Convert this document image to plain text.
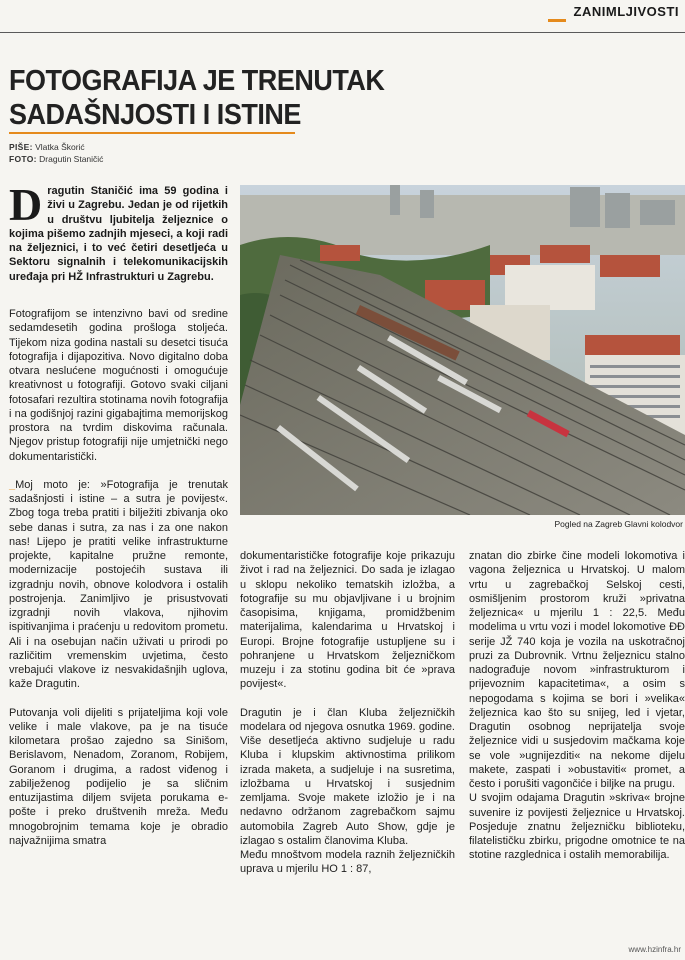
ZANIMLJIVOSTI
FOTOGRAFIJA JE TRENUTAK
SADAŠNJOSTI I ISTINE
PIŠE: Vlatka Škorić
FOTO: Dragutin Staničić
Dragutin Staničić ima 59 godina i živi u Zagrebu. Jedan je od rijetkih u društvu ljubitelja željeznice o kojima pišemo zadnjih mjeseci, a koji radi na željeznici, i to već četiri desetljeća u Sektoru signalnih i telekomunikacijskih uređaja pri HŽ Infrastrukturi u Zagrebu.

Fotografijom se intenzivno bavi od sredine sedamdesetih godina prošloga stoljeća. Tijekom niza godina nastali su desetci tisuća fotografija i dijapozitiva. Novo digitalno doba otvara neslućene mogućnosti i omogućuje kreativnost u fotografiji. Gotovo svaki ciljani fotosafari rezultira stotinama novih fotografija i na godišnjoj razini gigabajtima memorijskog prostora na tvrdim diskovima računala. Njegov pristup fotografiji nije umjetnički nego dokumentaristički.

_Moj moto je: »Fotografija je trenutak sadašnjosti i istine – a sutra je povijest«. Zbog toga treba pratiti i bilježiti zbivanja oko sebe danas i sutra, za nas i za one nakon nas! Lijepo je pratiti velike infrastrukturne projekte, kapitalne pružne remonte, modernizacije postojećih sustava ili izgradnju novih, obnove kolodvora i ostalih postrojenja. Zanimljivo je prisustvovati izgradnji novih vlakova, njihovim ispitivanjima i praćenju u redovitom prometu. Ali i na osebujan način uživati u prirodi po različitim vremenskim uvjetima, često vrebajući vlakove iz nesvakidašnjih uglova, kaže Dragutin.

Putovanja voli dijeliti s prijateljima koji vole velike i male vlakove, pa je na tisuće kilometara prošao zajedno sa Sinišom, Berislavom, Nenadom, Zoranom, Robijem, Goranom i drugima, a radost viđenog i zabilježenog podijelio je sa sličnim entuzijastima diljem svijeta porukama e-pošte i preko društvenih mreža. Među mnogobrojnim temama koje je obradio najvažnijima smatra

Pogled na Zagreb Glavni kolodvor

dokumentarističke fotografije koje prikazuju život i rad na željeznici. Do sada je izlagao u sklopu nekoliko tematskih izložba, a fotografije su mu objavljivane i u brojnim časopisima, knjigama, promidžbenim materijalima, kalendarima u Hrvatskoj i Europi. Brojne fotografije ustupljene su i pohranjene u Hrvatskom željezničkom muzeju i za stotinu godina bit će »prava povijest«.

Dragutin je i član Kluba željezničkih modelara od njegova osnutka 1969. godine. Više desetljeća aktivno sudjeluje u radu Kluba i klupskim aktivnostima prilikom izrada maketa, a sudjeluje i na susretima, izložbama u Hrvatskoj i susjednim zemljama. Svoje makete izložio je i na nedavno održanom zagrebačkom sajmu automobila Zagreb Auto Show, gdje je izlagao s ostalim članovima Kluba.

Među mnoštvom modela raznih željezničkih uprava u mjerilu HO 1 : 87,

znatan dio zbirke čine modeli lokomotiva i vagona željeznica u Hrvatskoj. U malom vrtu u zagrebačkoj Selskoj cesti, osmišljenim prostorom kruži »privatna željeznica« u mjerilu 1 : 22,5. Među modelima u vrtu vozi i model lokomotive ĐĐ serije JŽ 740 koja je vozila na uskotračnoj pruzi za Dubrovnik. Vrtnu željeznicu stalno nadograđuje novom »infrastrukturom i prijevoznim kapacitetima«, a osim s nepogodama s kojima se bori i »velika« željeznica kao što su snijeg, led i vjetar, Dragutin osobnog neprijatelja svoje željeznice vidi u susjedovim mačkama koje se vole »ugnijezditi« na nekome dijelu makete, zaspati i »obustaviti« promet, a često i porušiti vagončiće i biljke na prugu.

U svojim odajama Dragutin »skriva« brojne suvenire iz povijesti željeznice u Hrvatskoj. Posjeduje znatnu željezničku biblioteku, filatelističku zbirku, prigodne omotnice te na stotine razglednica i ostalih memorabilija.

www.hzinfra.hr
